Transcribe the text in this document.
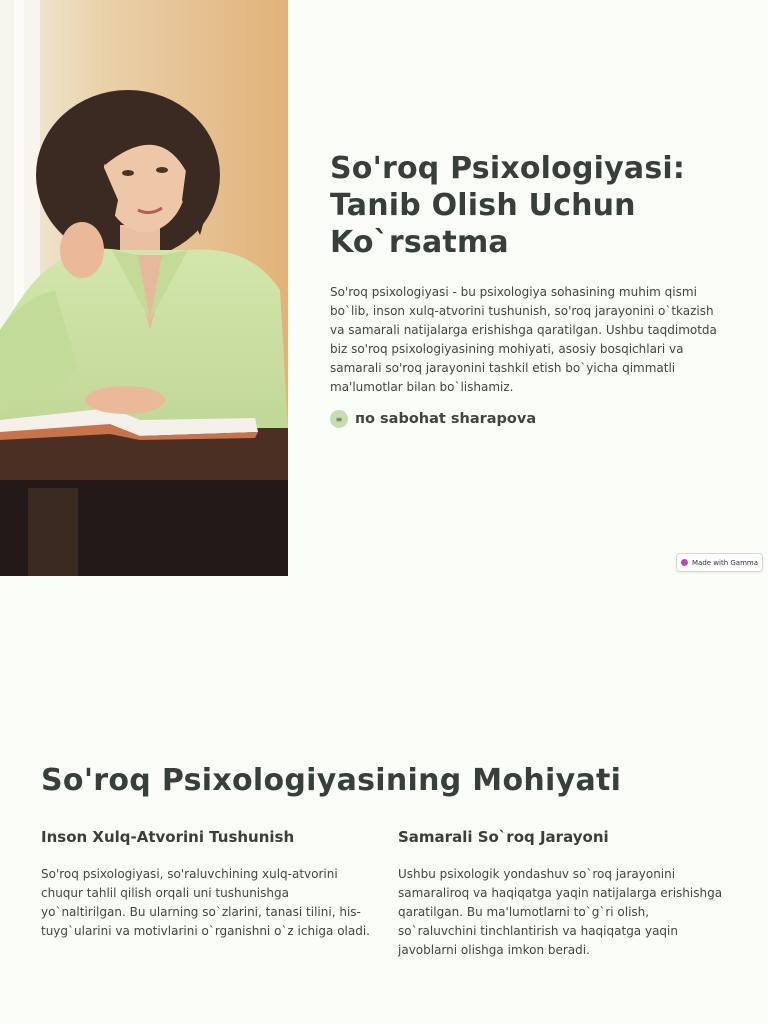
So'roq Psixologiyasi:
Tanib Olish Uchun
Ko`rsatma

So'roq psixologiyasi - bu psixologiya sohasining muhim qismi bo`lib, inson xulq-atvorini tushunish, so'roq jarayonini o`tkazish va samarali natijalarga erishishga qaratilgan. Ushbu taqdimotda biz so'roq psixologiyasining mohiyati, asosiy bosqichlari va samarali so'roq jarayonini tashkil etish bo`yicha qimmatli ma'lumotlar bilan bo`lishamiz.

≡ по sabohat sharapova
Made with Gamma
So'roq Psixologiyasining Mohiyati
Inson Xulq-Atvorini Tushunish

So'roq psixologiyasi, so'raluvchining xulq-atvorini chuqur tahlil qilish orqali uni tushunishga yo`naltirilgan. Bu ularning so`zlarini, tanasi tilini, his-tuyg`ularini va motivlarini o`rganishni o`z ichiga oladi.

Samarali So`roq Jarayoni

Ushbu psixologik yondashuv so`roq jarayonini samaraliroq va haqiqatga yaqin natijalarga erishishga qaratilgan. Bu ma'lumotlarni to`g`ri olish, so`raluvchini tinchlantirish va haqiqatga yaqin javoblarni olishga imkon beradi.
